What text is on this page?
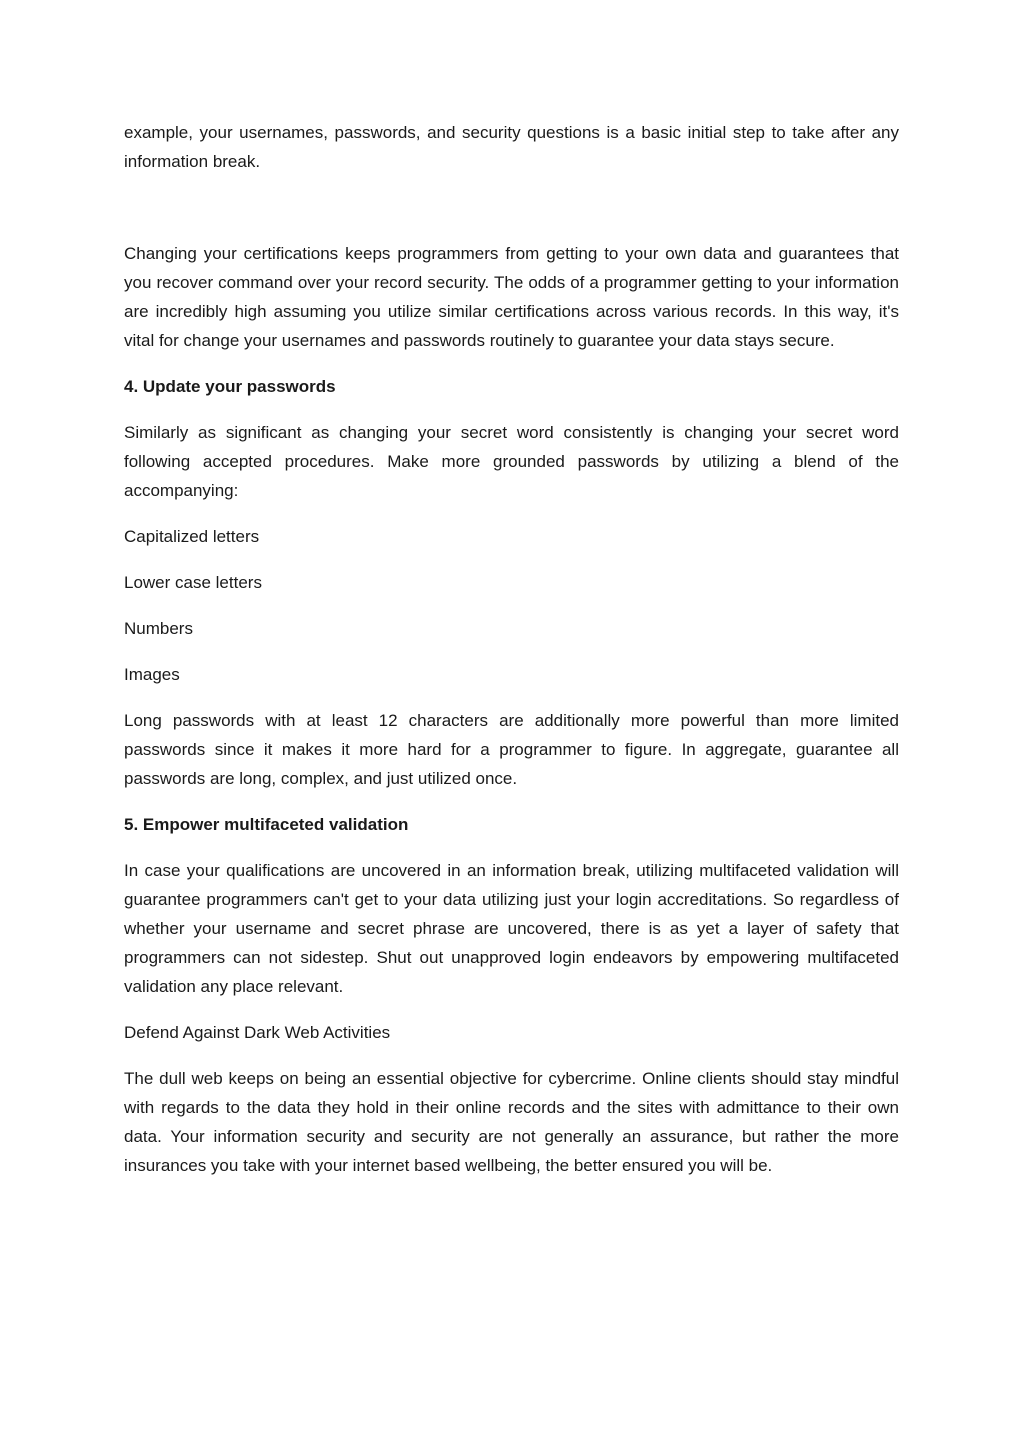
example, your usernames, passwords, and security questions is a basic initial step to take after any information break.

Changing your certifications keeps programmers from getting to your own data and guarantees that you recover command over your record security. The odds of a programmer getting to your information are incredibly high assuming you utilize similar certifications across various records. In this way, it's vital for change your usernames and passwords routinely to guarantee your data stays secure.

4. Update your passwords

Similarly as significant as changing your secret word consistently is changing your secret word following accepted procedures. Make more grounded passwords by utilizing a blend of the accompanying:

Capitalized letters

Lower case letters

Numbers

Images

Long passwords with at least 12 characters are additionally more powerful than more limited passwords since it makes it more hard for a programmer to figure. In aggregate, guarantee all passwords are long, complex, and just utilized once.

5. Empower multifaceted validation

In case your qualifications are uncovered in an information break, utilizing multifaceted validation will guarantee programmers can't get to your data utilizing just your login accreditations. So regardless of whether your username and secret phrase are uncovered, there is as yet a layer of safety that programmers can not sidestep. Shut out unapproved login endeavors by empowering multifaceted validation any place relevant.

Defend Against Dark Web Activities

The dull web keeps on being an essential objective for cybercrime. Online clients should stay mindful with regards to the data they hold in their online records and the sites with admittance to their own data. Your information security and security are not generally an assurance, but rather the more insurances you take with your internet based wellbeing, the better ensured you will be.
